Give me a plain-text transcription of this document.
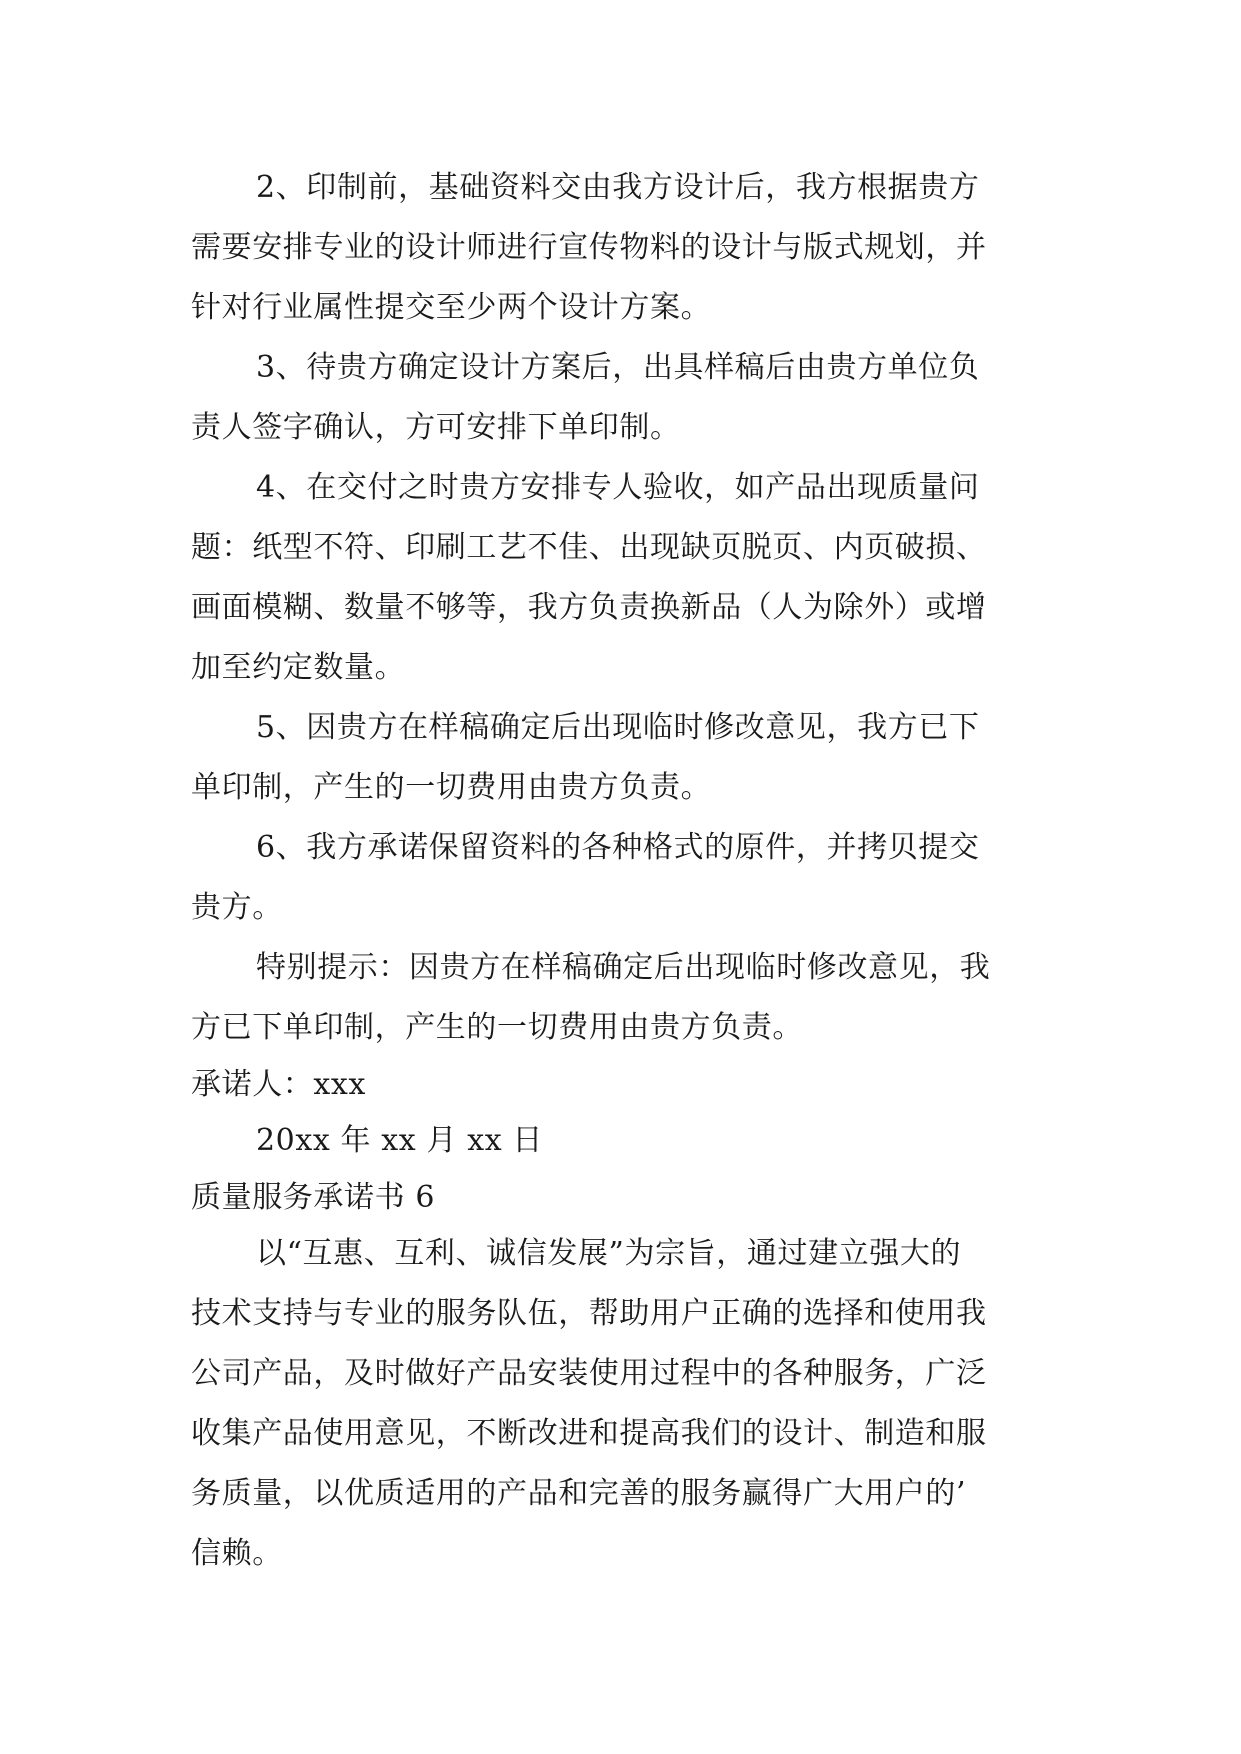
2、印制前，基础资料交由我方设计后，我方根据贵方
需要安排专业的设计师进行宣传物料的设计与版式规划，并
针对行业属性提交至少两个设计方案。
3、待贵方确定设计方案后，出具样稿后由贵方单位负
责人签字确认，方可安排下单印制。
4、在交付之时贵方安排专人验收，如产品出现质量问
题：纸型不符、印刷工艺不佳、出现缺页脱页、内页破损、
画面模糊、数量不够等，我方负责换新品（人为除外）或增
加至约定数量。
5、因贵方在样稿确定后出现临时修改意见，我方已下
单印制，产生的一切费用由贵方负责。
6、我方承诺保留资料的各种格式的原件，并拷贝提交
贵方。
特别提示：因贵方在样稿确定后出现临时修改意见，我
方已下单印制，产生的一切费用由贵方负责。
承诺人：xxx
20xx 年 xx 月 xx 日
质量服务承诺书 6
以“互惠、互利、诚信发展”为宗旨，通过建立强大的
技术支持与专业的服务队伍，帮助用户正确的选择和使用我
公司产品，及时做好产品安装使用过程中的各种服务，广泛
收集产品使用意见，不断改进和提高我们的设计、制造和服
务质量，以优质适用的产品和完善的服务赢得广大用户的’
信赖。
